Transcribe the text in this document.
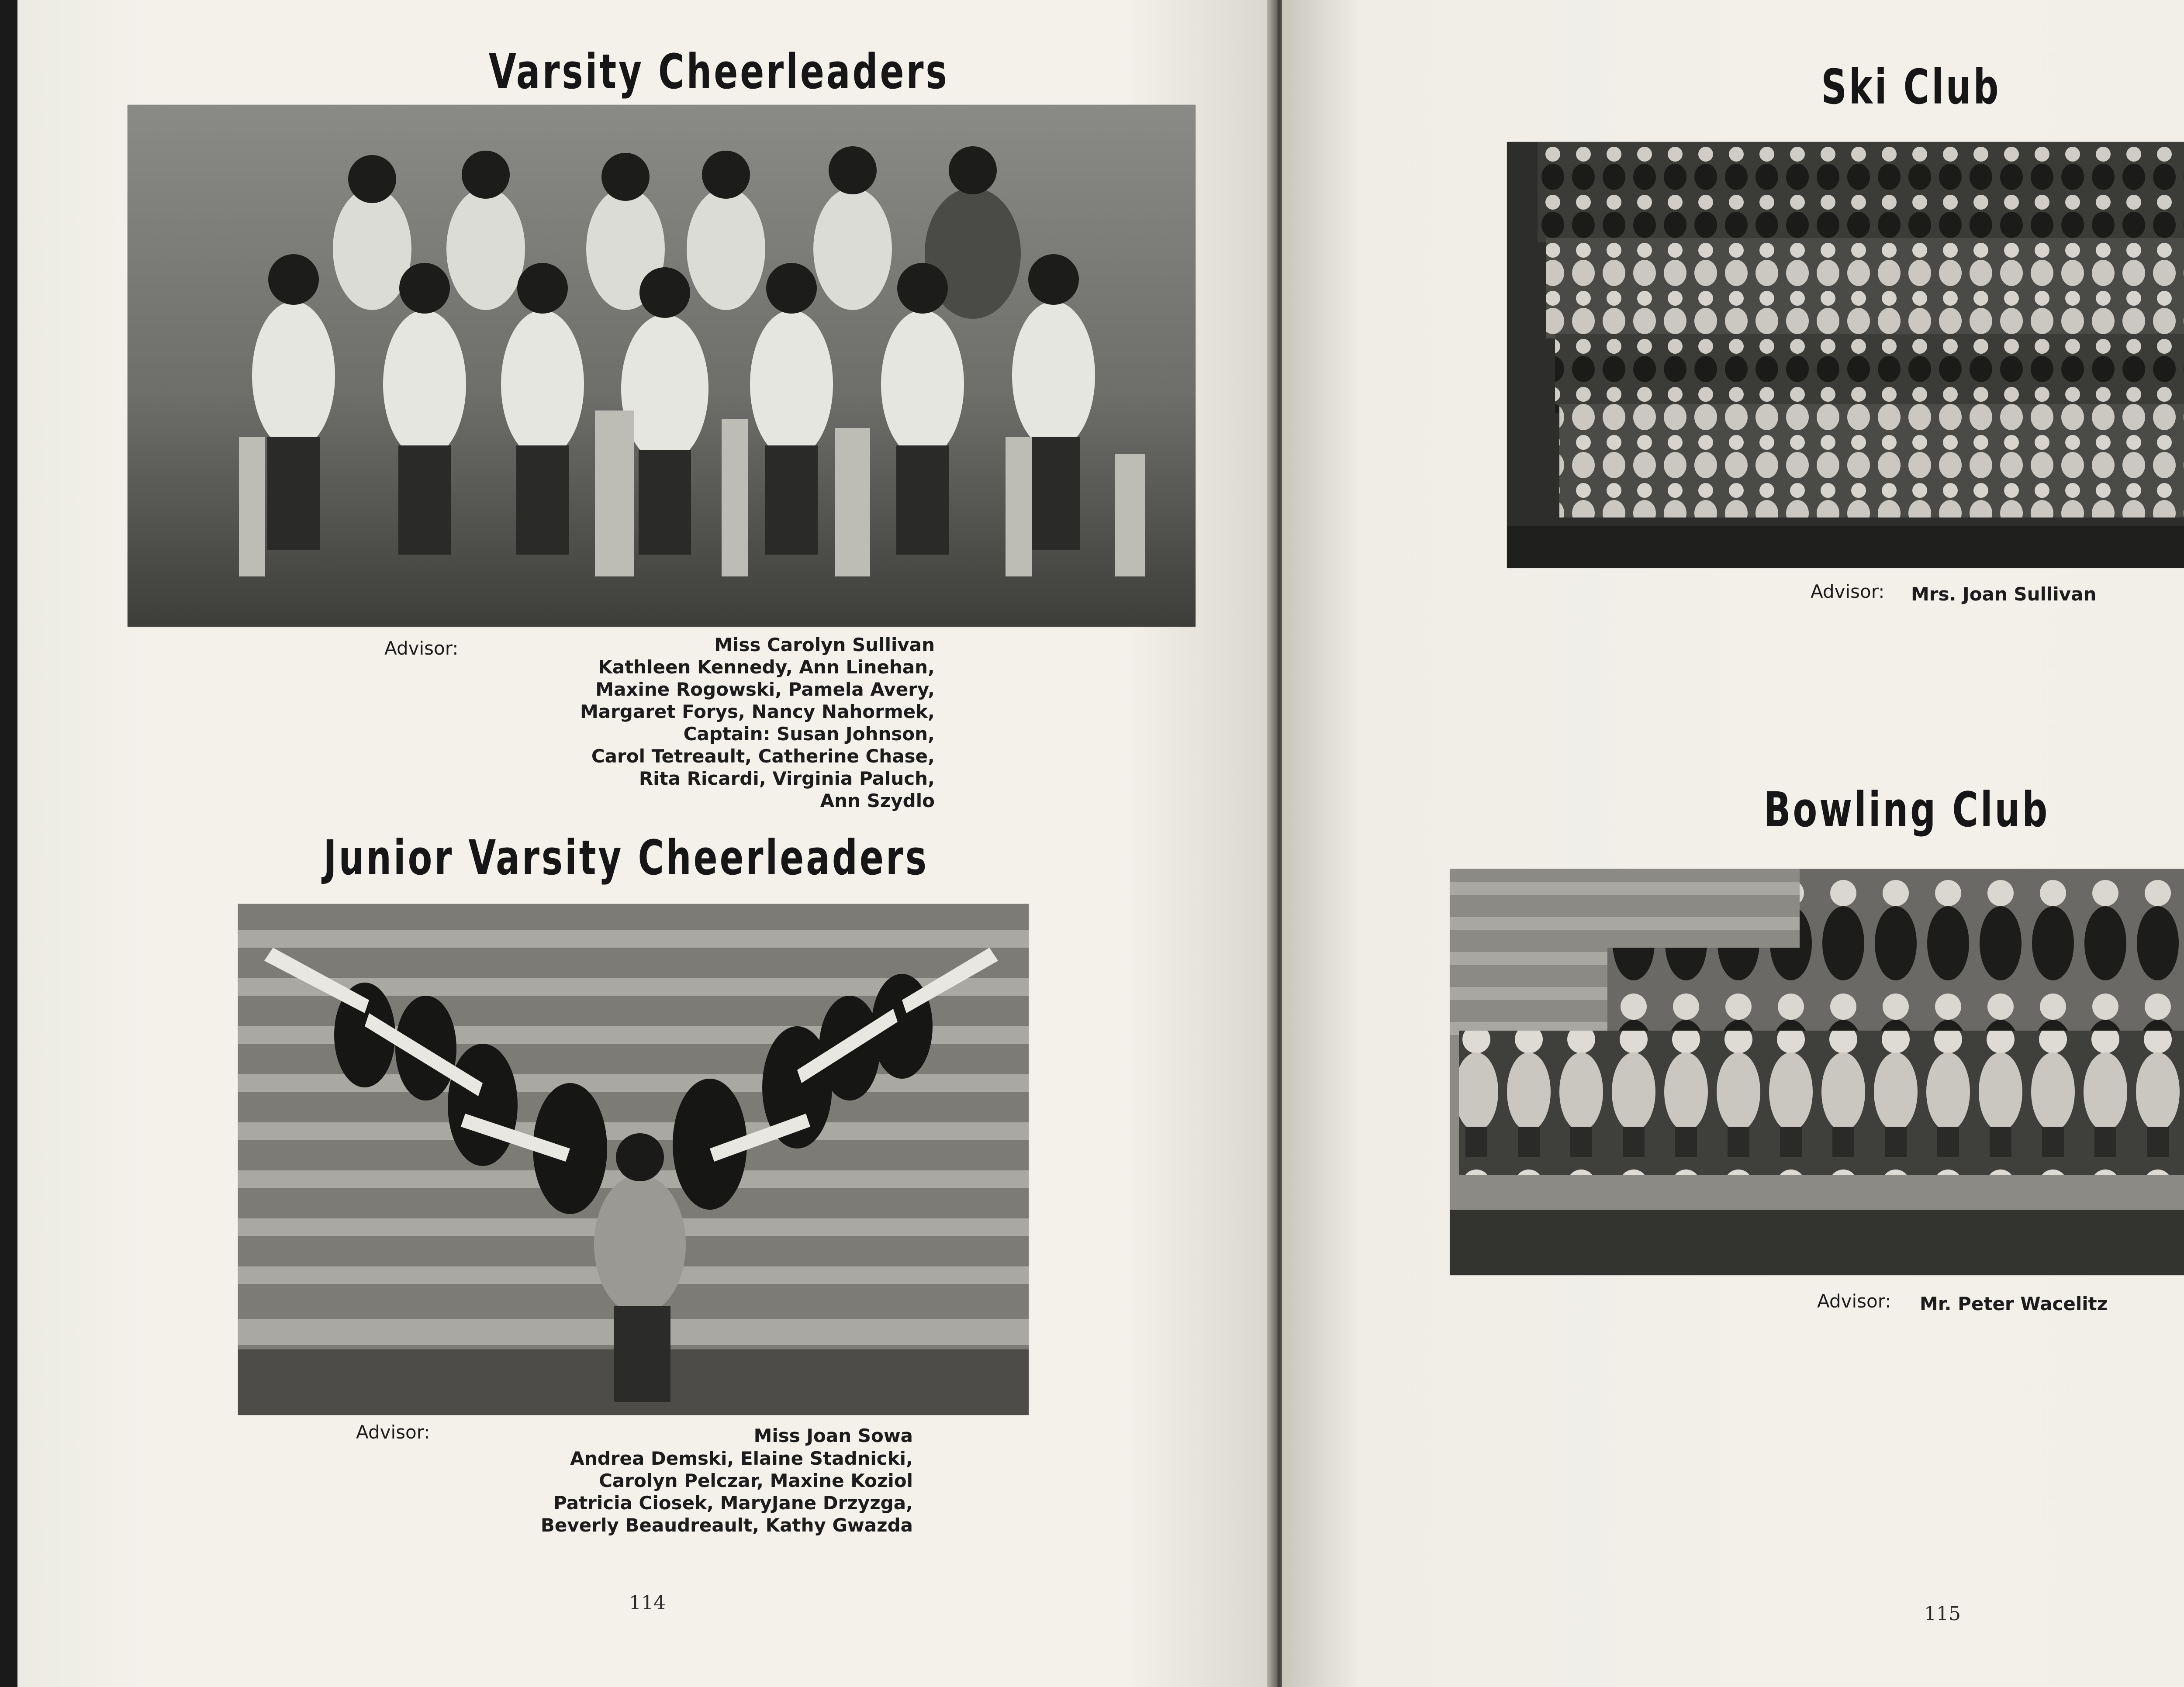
Varsity Cheerleaders
Advisor:	Miss Carolyn Sullivan
Kathleen Kennedy, Ann Linehan,
Maxine Rogowski, Pamela Avery,
Margaret Forys, Nancy Nahormek,
Captain: Susan Johnson,
Carol Tetreault, Catherine Chase,
Rita Ricardi, Virginia Paluch,
Ann Szydlo
Junior Varsity Cheerleaders
Advisor:	Miss Joan Sowa
Andrea Demski, Elaine Stadnicki,
Carolyn Pelczar, Maxine Koziol
Patricia Ciosek, MaryJane Drzyzga,
Beverly Beaudreault, Kathy Gwazda
114
Ski Club
Advisor: Mrs. Joan Sullivan
Bowling Club
Advisor: Mr. Peter Wacelitz
115
